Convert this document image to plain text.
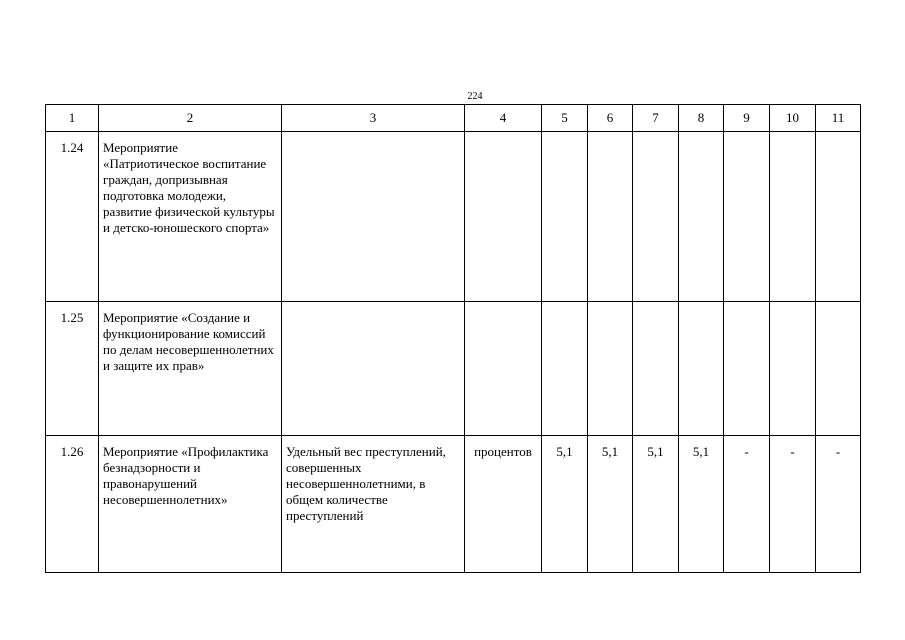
224
1	2	3	4	5	6	7	8	9	10	11
1.24	Мероприятие «Патриотическое воспитание граждан, допризывная подготовка молодежи, развитие физической культуры и детско-юношеского спорта»									
1.25	Мероприятие «Создание и функционирование комиссий по делам несовершеннолетних и защите их прав»									
1.26	Мероприятие «Профилактика безнадзорности и правонарушений несовершеннолетних»	Удельный вес преступлений, совершенных несовершеннолетними, в общем количестве преступлений	процентов	5,1	5,1	5,1	5,1	-	-	-
